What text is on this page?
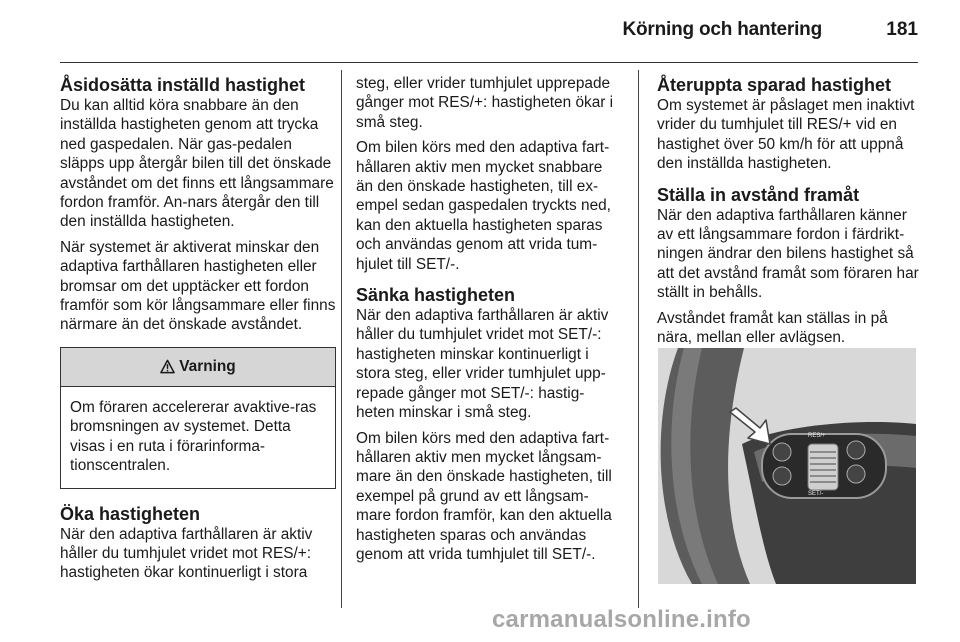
Körning och hantering	181
Åsidosätta inställd hastighet

Du kan alltid köra snabbare än den inställda hastigheten genom att trycka ned gaspedalen. När gas-pedalen släpps upp återgår bilen till det önskade avståndet om det finns ett långsammare fordon framför. An-nars återgår den till den inställda hastigheten.

När systemet är aktiverat minskar den adaptiva farthållaren hastigheten eller bromsar om det upptäcker ett fordon framför som kör långsammare eller finns närmare än det önskade avståndet.

Varning
Om föraren accelererar avaktive-ras bromsningen av systemet. Detta visas i en ruta i förarinforma-tionscentralen.
Öka hastigheten

När den adaptiva farthållaren är aktiv håller du tumhjulet vridet mot RES/+: hastigheten ökar kontinuerligt i stora

steg, eller vrider tumhjulet upprepade gånger mot RES/+: hastigheten ökar i små steg.

Om bilen körs med den adaptiva fart-hållaren aktiv men mycket snabbare än den önskade hastigheten, till ex-empel sedan gaspedalen tryckts ned, kan den aktuella hastigheten sparas och användas genom att vrida tum-hjulet till SET/-.

Sänka hastigheten

När den adaptiva farthållaren är aktiv håller du tumhjulet vridet mot SET/-: hastigheten minskar kontinuerligt i stora steg, eller vrider tumhjulet upp-repade gånger mot SET/-: hastig-heten minskar i små steg.

Om bilen körs med den adaptiva fart-hållaren aktiv men mycket långsam-mare än den önskade hastigheten, till exempel på grund av ett långsam-mare fordon framför, kan den aktuella hastigheten sparas och användas genom att vrida tumhjulet till SET/-.

Återuppta sparad hastighet

Om systemet är påslaget men inaktivt vrider du tumhjulet till RES/+ vid en hastighet över 50 km/h för att uppnå den inställda hastigheten.

Ställa in avstånd framåt

När den adaptiva farthållaren känner av ett långsammare fordon i färdrikt-ningen ändrar den bilens hastighet så att det avstånd framåt som föraren har ställt in behålls.

Avståndet framåt kan ställas in på nära, mellan eller avlägsen.

RES/+
SET/-
carmanualsonline.info
